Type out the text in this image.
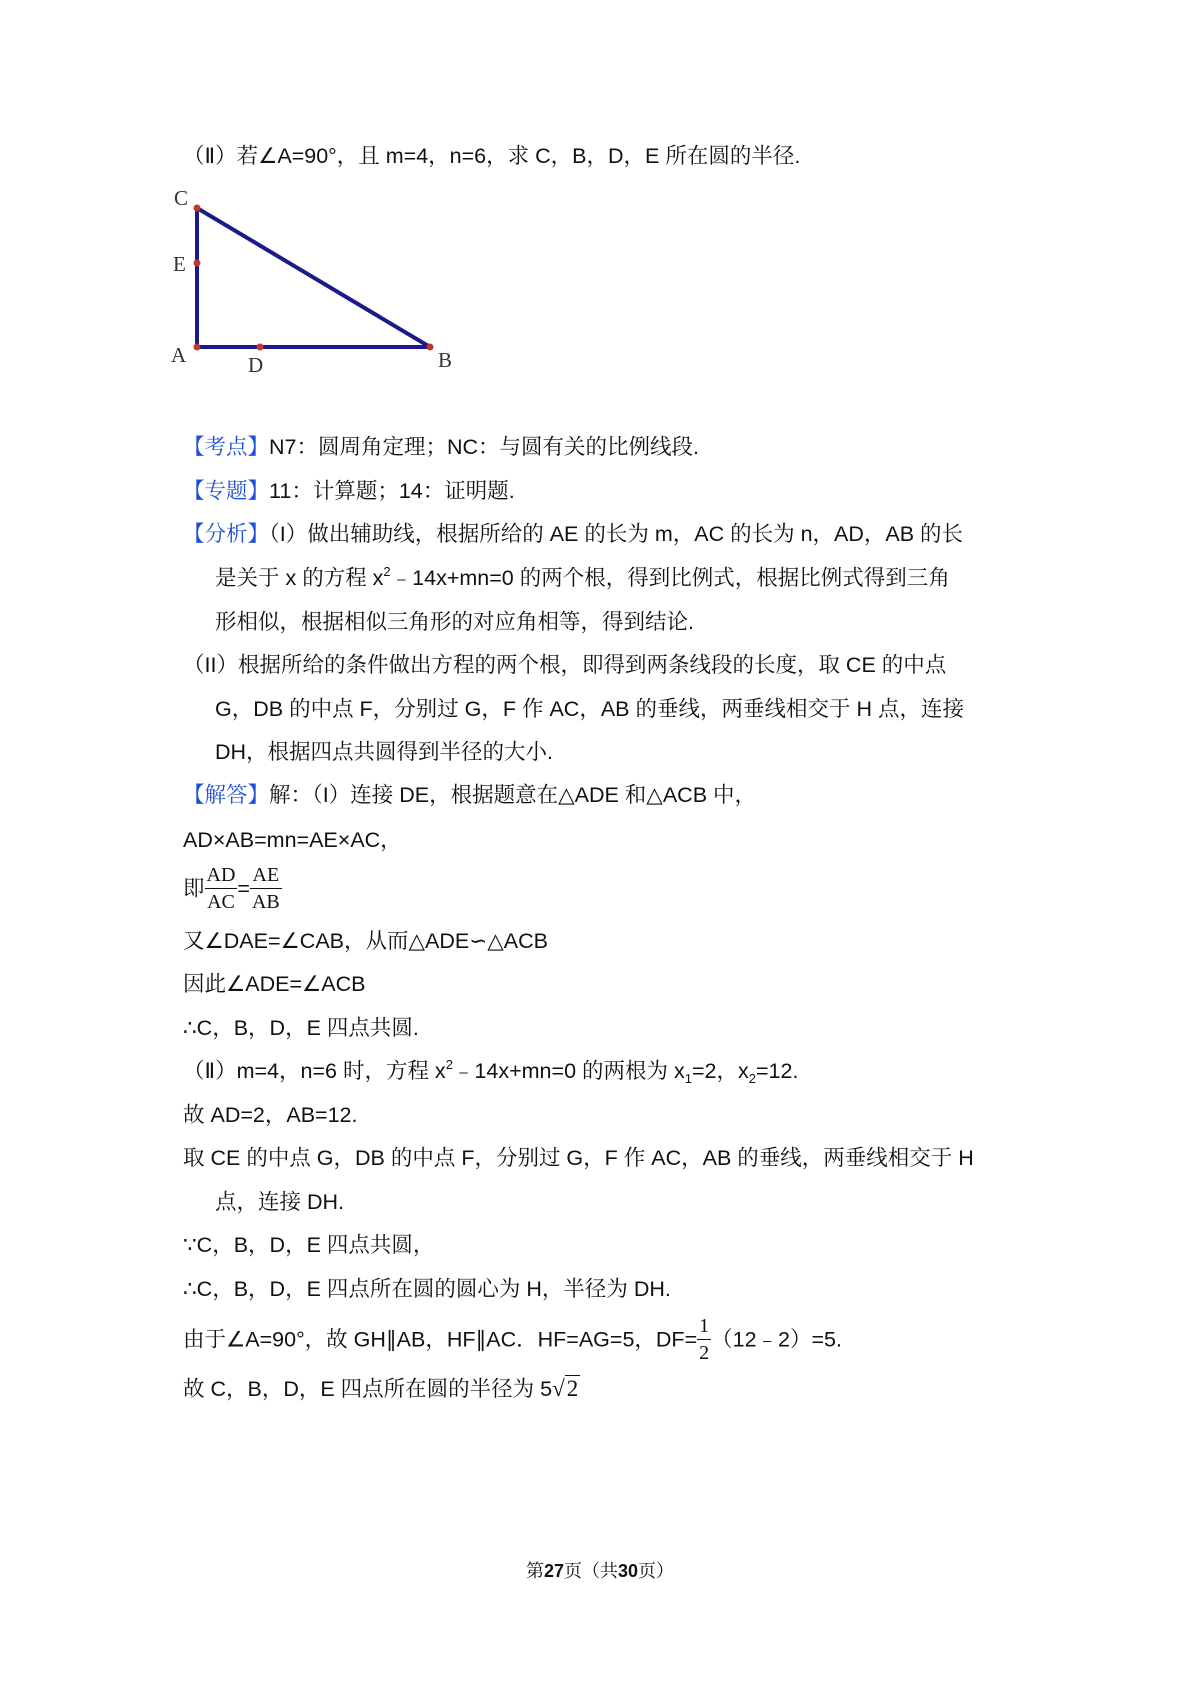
（Ⅱ）若∠A=90°，且 m=4，n=6，求 C，B，D，E 所在圆的半径.
C
E
A	D	B
【考点】N7：圆周角定理；NC：与圆有关的比例线段.
【专题】11：计算题；14：证明题.
【分析】（I）做出辅助线，根据所给的 AE 的长为 m，AC 的长为 n，AD，AB 的长
是关于 x 的方程 $x^2﹣14x+mn=0$ 的两个根，得到比例式，根据比例式得到三角
形相似，根据相似三角形的对应角相等，得到结论.
（II）根据所给的条件做出方程的两个根，即得到两条线段的长度，取 CE 的中点
G，DB 的中点 F，分别过 G，F 作 AC，AB 的垂线，两垂线相交于 H 点，连接
DH，根据四点共圆得到半径的大小.
【解答】解：（I）连接 DE，根据题意在△ADE 和△ACB 中，
AD×AB=mn=AE×AC，
即 $\frac{AD}{AC} = \frac{AE}{AB}$
又∠DAE=∠CAB，从而△ADE∽△ACB
因此∠ADE=∠ACB
∴C，B，D，E 四点共圆.
（Ⅱ）m=4，n=6 时，方程 $x^2﹣14x+mn=0$ 的两根为 $x_1=2$，$x_2=12$.
故 AD=2，AB=12.
取 CE 的中点 G，DB 的中点 F，分别过 G，F 作 AC，AB 的垂线，两垂线相交于 H
点，连接 DH.
∵C，B，D，E 四点共圆，
∴C，B，D，E 四点所在圆的圆心为 H，半径为 DH.
由于∠A=90°，故 GH∥AB，HF∥AC．HF=AG=5，$DF= \frac{1}{2}$ （12﹣2）=5.
故 C，B，D，E 四点所在圆的半径为 5√2
第27页（共30页）
